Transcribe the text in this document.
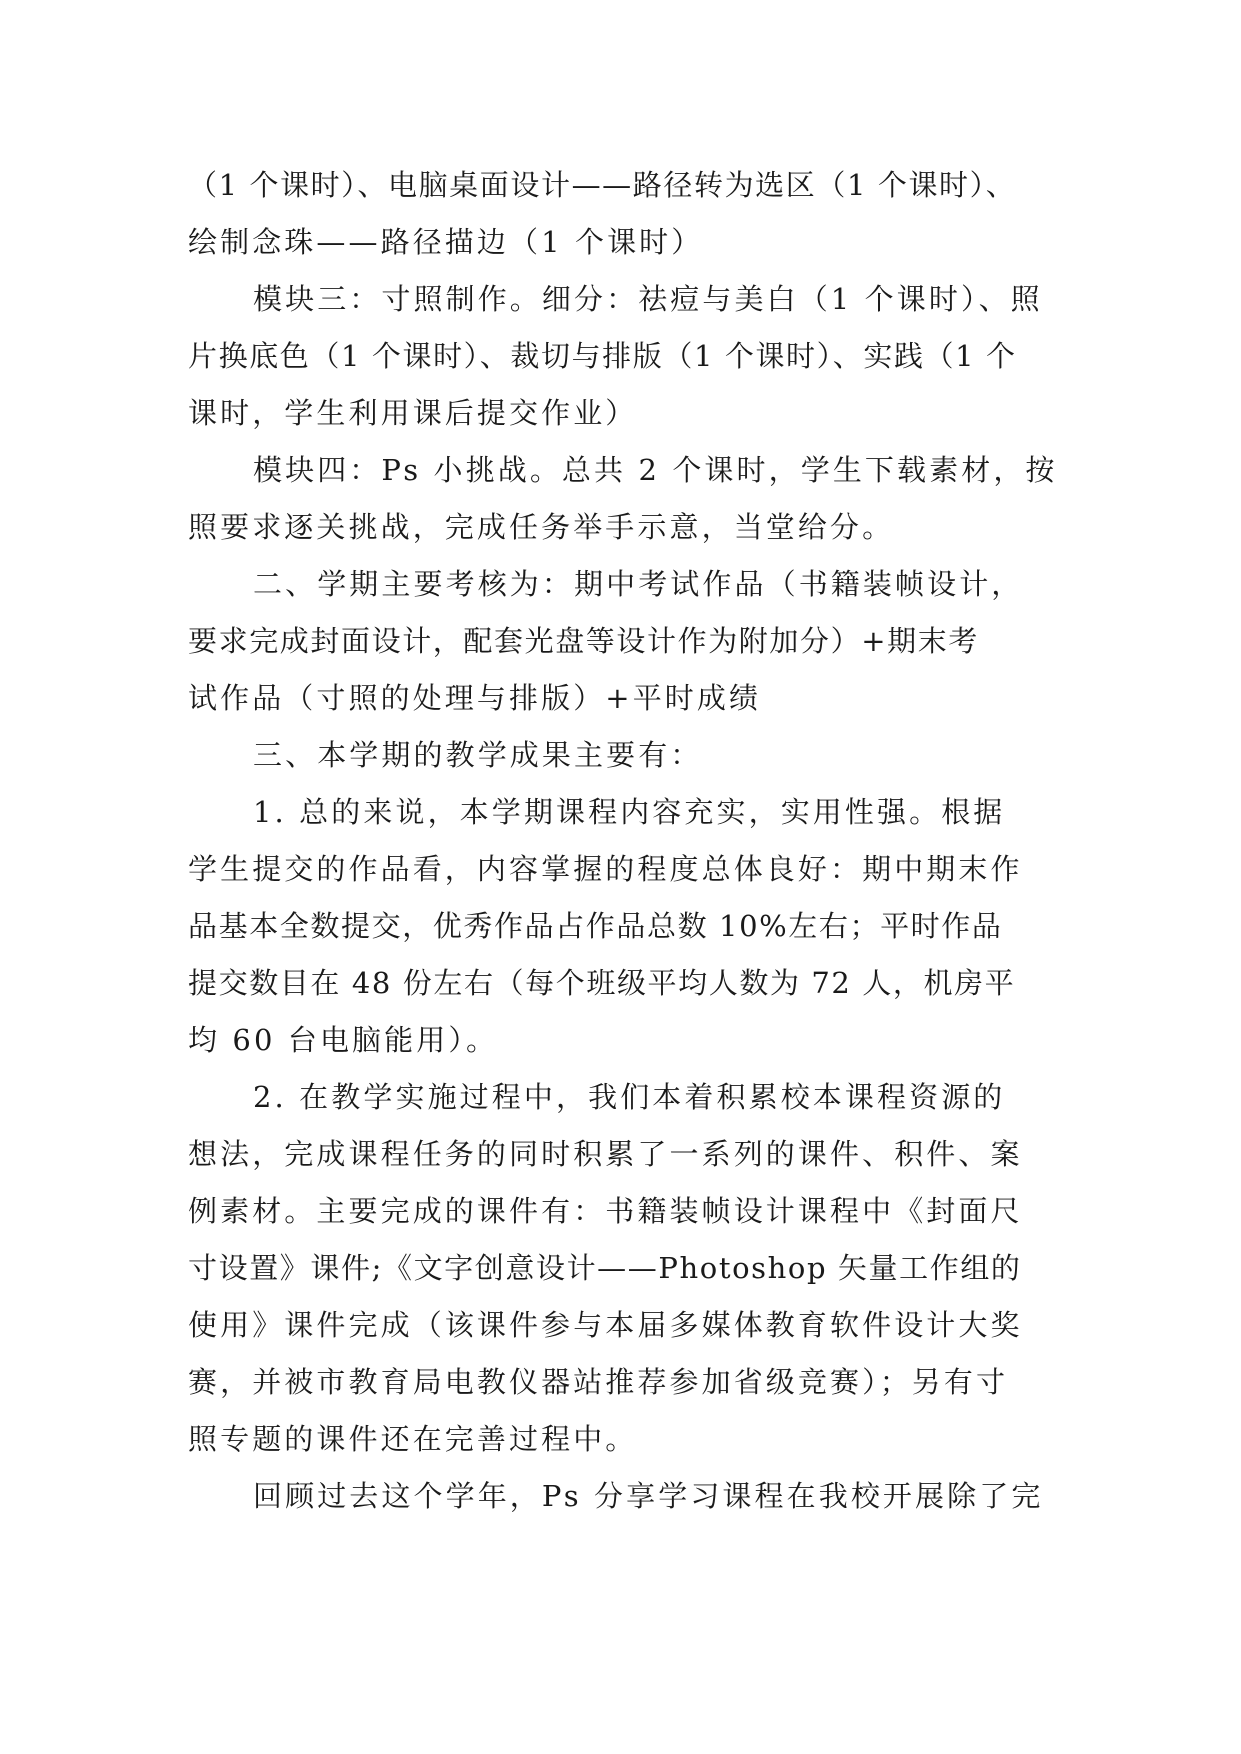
（1 个课时）、电脑桌面设计——路径转为选区（1 个课时）、
绘制念珠——路径描边（1 个课时）
模块三：寸照制作。细分：祛痘与美白（1 个课时）、照
片换底色（1 个课时）、裁切与排版（1 个课时）、实践（1 个
课时，学生利用课后提交作业）
模块四：Ps 小挑战。总共 2 个课时，学生下载素材，按
照要求逐关挑战，完成任务举手示意，当堂给分。
二、学期主要考核为：期中考试作品（书籍装帧设计，
要求完成封面设计，配套光盘等设计作为附加分）+期末考
试作品（寸照的处理与排版）+平时成绩
三、本学期的教学成果主要有：
1. 总的来说，本学期课程内容充实，实用性强。根据
学生提交的作品看，内容掌握的程度总体良好：期中期末作
品基本全数提交，优秀作品占作品总数 10%左右；平时作品
提交数目在 48 份左右（每个班级平均人数为 72 人，机房平
均 60 台电脑能用）。
2. 在教学实施过程中，我们本着积累校本课程资源的
想法，完成课程任务的同时积累了一系列的课件、积件、案
例素材。主要完成的课件有：书籍装帧设计课程中《封面尺
寸设置》课件;《文字创意设计——Photoshop 矢量工作组的
使用》课件完成（该课件参与本届多媒体教育软件设计大奖
赛，并被市教育局电教仪器站推荐参加省级竞赛）；另有寸
照专题的课件还在完善过程中。
回顾过去这个学年，Ps 分享学习课程在我校开展除了完
